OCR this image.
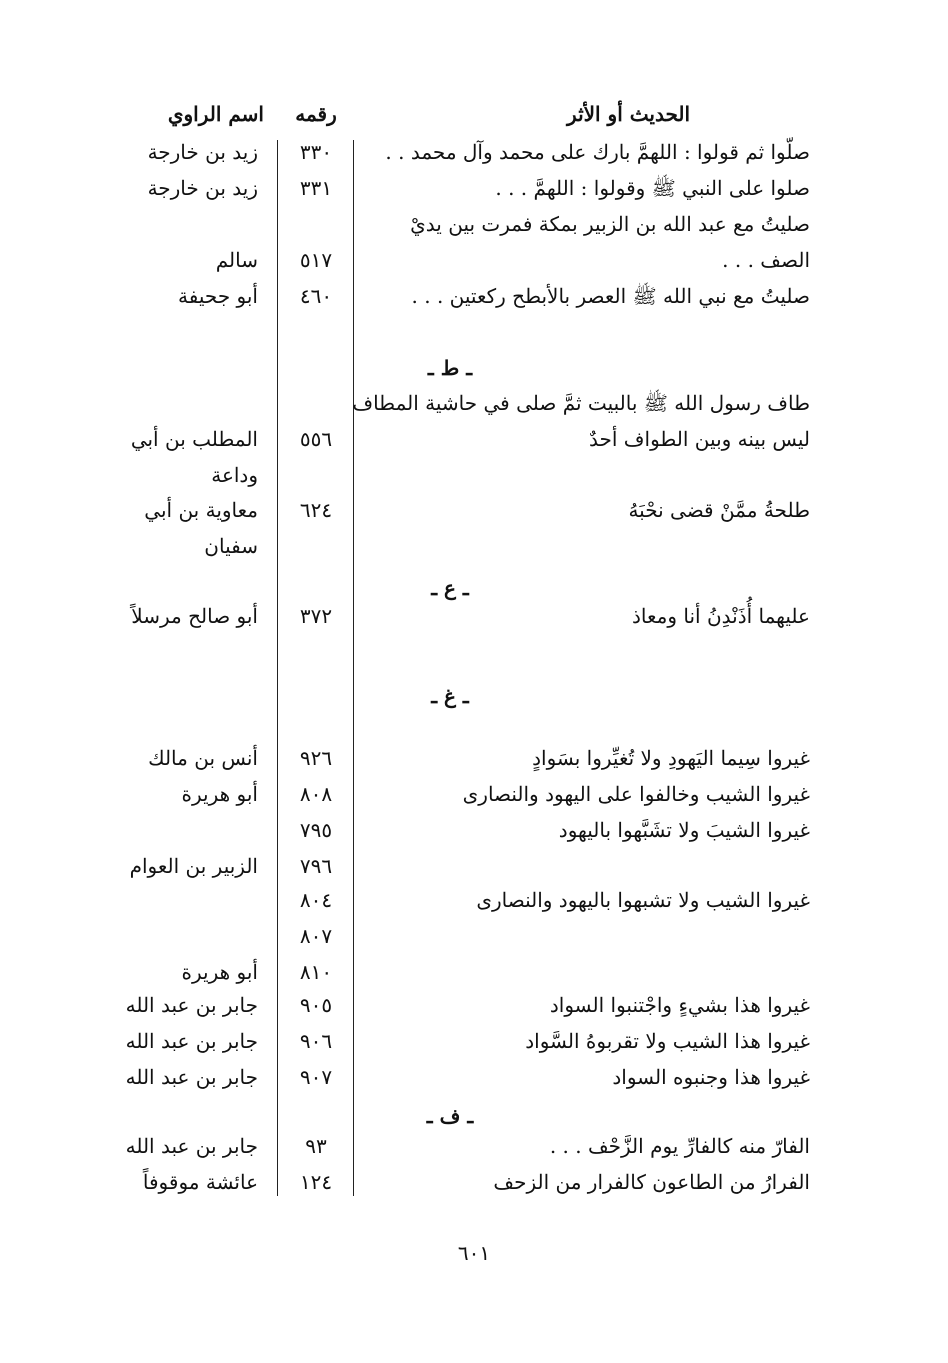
الحديث أو الأثر
رقمه
اسم الراوي
صلّوا ثم قولوا : اللهمَّ بارك على محمد وآل محمد . .
٣٣٠
زيد بن خارجة
صلوا على النبي ﷺ وقولوا : اللهمَّ . . .
٣٣١
زيد بن خارجة
صليتُ مع عبد الله بن الزبير بمكة فمرت بين يديْ
الصف . . .
٥١٧
سالم
صليتُ مع نبي الله ﷺ العصر بالأبطح ركعتين . . .
٤٦٠
أبو جحيفة
ـ ط ـ
طاف رسول الله ﷺ بالبيت ثمَّ صلى في حاشية المطاف
ليس بينه وبين الطواف أحدٌ
٥٥٦
المطلب بن أبي وداعة
طلحةُ ممَّنْ قضى نحْبَهُ
٦٢٤
معاوية بن أبي سفيان
ـ ع ـ
عليهما أُذَنْدِنُ أنا ومعاذ
٣٧٢
أبو صالح مرسلاً
ـ غ ـ
غيروا سِيما اليَهودِ ولا تُغيِّروا بسَوادٍ
٩٢٦
أنس بن مالك
غيروا الشيب وخالفوا على اليهود والنصارى
٨٠٨
أبو هريرة
غيروا الشيبَ ولا تشَبَّهوا باليهود
٧٩٥
٧٩٦
الزبير بن العوام
غيروا الشيب ولا تشبهوا باليهود والنصارى
٨٠٤
٨٠٧
٨١٠
أبو هريرة
غيروا هذا بشيءٍ واجْتنبوا السواد
٩٠٥
جابر بن عبد الله
غيروا هذا الشيب ولا تقربوهُ السَّواد
٩٠٦
جابر بن عبد الله
غيروا هذا وجنبوه السواد
٩٠٧
جابر بن عبد الله
ـ ف ـ
الفارّ منه كالفارِّ يوم الزَّحْف . . .
٩٣
جابر بن عبد الله
الفرارُ من الطاعون كالفرار من الزحف
١٢٤
عائشة موقوفاً
٦٠١
